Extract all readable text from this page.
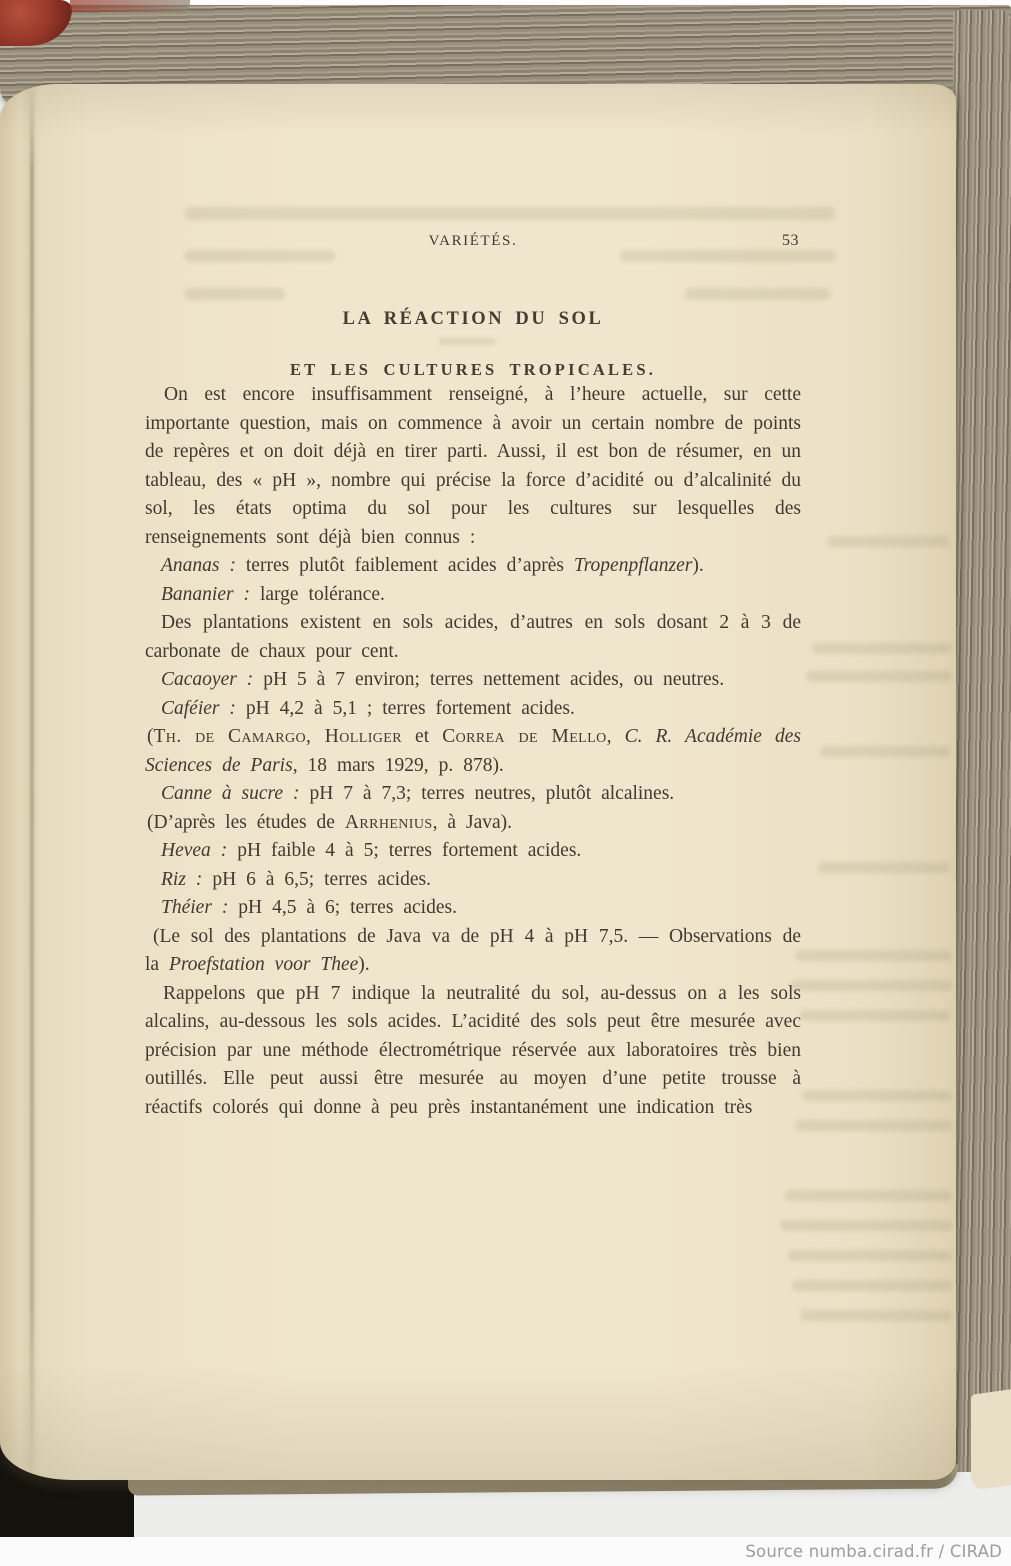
VARIÉTÉS.	53
LA RÉACTION DU SOL
ET LES CULTURES TROPICALES.

On est encore insuffisamment renseigné, à l’heure actuelle, sur cette importante question, mais on commence à avoir un certain nombre de points de repères et on doit déjà en tirer parti. Aussi, il est bon de résumer, en un tableau, des « pH », nombre qui précise la force d’acidité ou d’alcalinité du sol, les états optima du sol pour les cultures sur lesquelles des renseignements sont déjà bien connus :

Ananas : terres plutôt faiblement acides d’après Tropenpflanzer).

Bananier : large tolérance.

Des plantations existent en sols acides, d’autres en sols dosant 2 à 3 de carbonate de chaux pour cent.

Cacaoyer : pH 5 à 7 environ; terres nettement acides, ou neutres.

Caféier : pH 4,2 à 5,1 ; terres fortement acides.

(Th. de Camargo, Holliger et Correa de Mello, C. R. Académie des Sciences de Paris, 18 mars 1929, p. 878).

Canne à sucre : pH 7 à 7,3; terres neutres, plutôt alcalines.

(D’après les études de Arrhenius, à Java).

Hevea : pH faible 4 à 5; terres fortement acides.

Riz : pH 6 à 6,5; terres acides.

Théier : pH 4,5 à 6; terres acides.

(Le sol des plantations de Java va de pH 4 à pH 7,5. — Observations de la Proefstation voor Thee).

Rappelons que pH 7 indique la neutralité du sol, au-dessus on a les sols alcalins, au-dessous les sols acides. L’acidité des sols peut être mesurée avec précision par une méthode électrométrique réservée aux laboratoires très bien outillés. Elle peut aussi être mesurée au moyen d’une petite trousse à réactifs colorés qui donne à peu près instantanément une indication très

Source numba.cirad.fr / CIRAD
